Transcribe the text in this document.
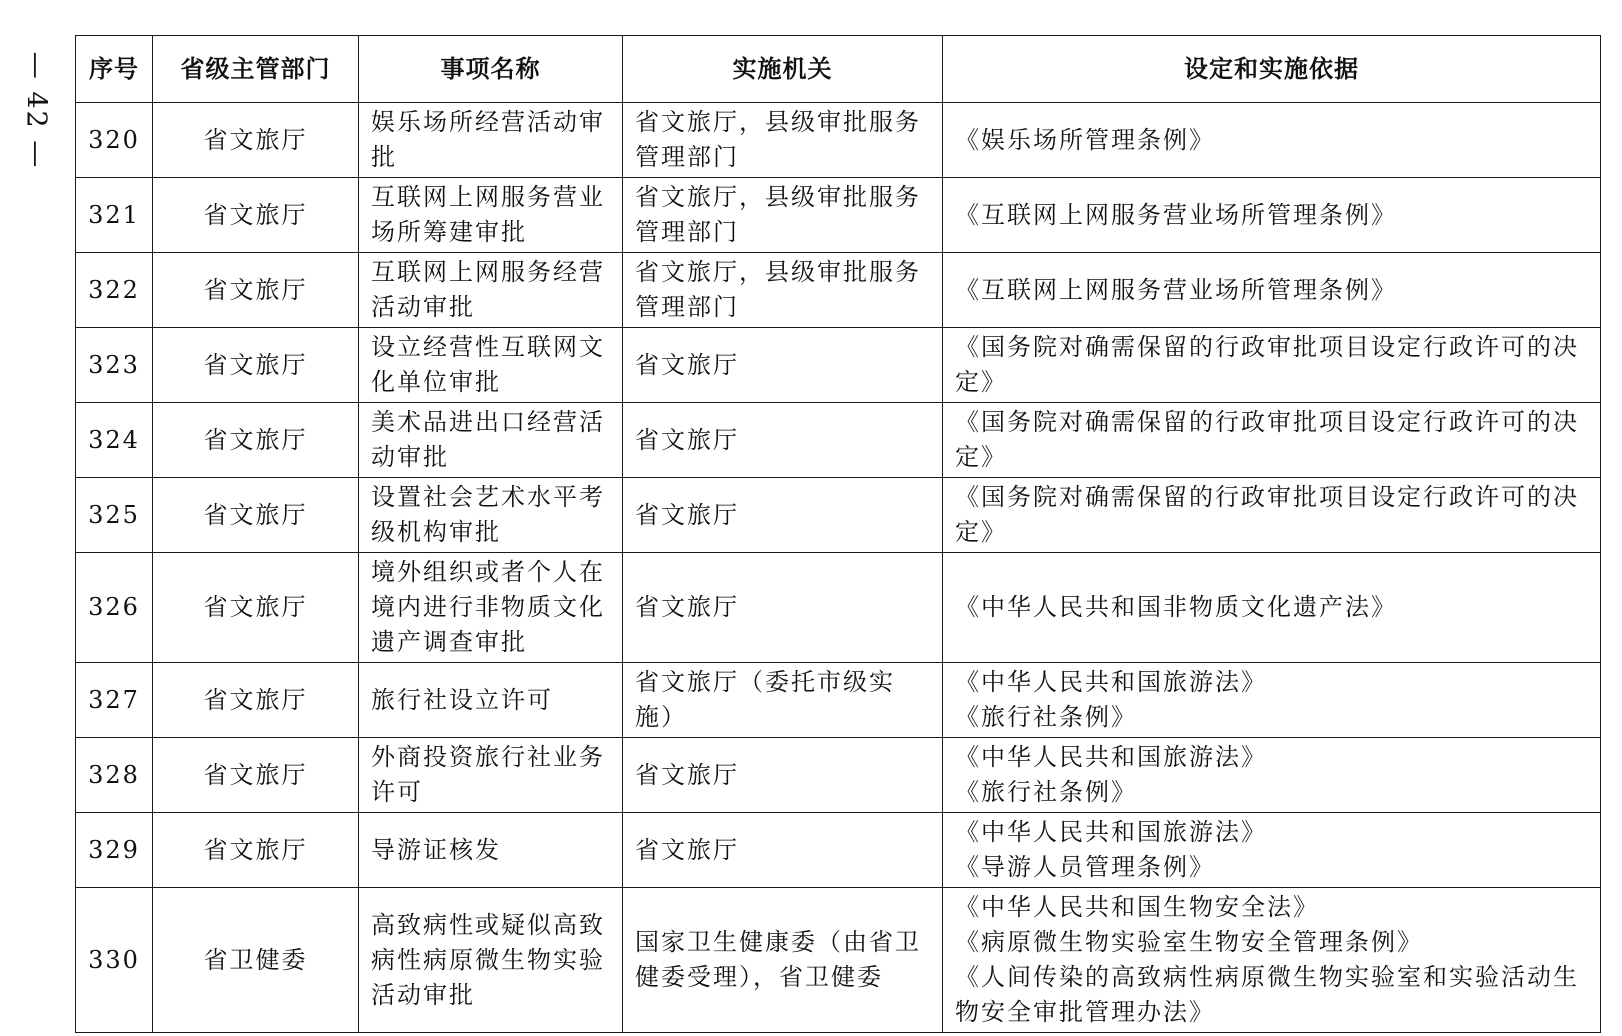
— 42 — 序号	省级主管部门	事项名称	实施机关	设定和实施依据
320	省文旅厅	娱乐场所经营活动审批	省文旅厅，县级审批服务管理部门	《娱乐场所管理条例》

321	省文旅厅	互联网上网服务营业场所筹建审批	省文旅厅，县级审批服务管理部门	《互联网上网服务营业场所管理条例》

322	省文旅厅	互联网上网服务经营活动审批	省文旅厅，县级审批服务管理部门	《互联网上网服务营业场所管理条例》

323	省文旅厅	设立经营性互联网文化单位审批	省文旅厅	《国务院对确需保留的行政审批项目设定行政许可的决定》

324	省文旅厅	美术品进出口经营活动审批	省文旅厅	《国务院对确需保留的行政审批项目设定行政许可的决定》

325	省文旅厅	设置社会艺术水平考级机构审批	省文旅厅	《国务院对确需保留的行政审批项目设定行政许可的决定》

326	省文旅厅	境外组织或者个人在境内进行非物质文化遗产调查审批	省文旅厅	《中华人民共和国非物质文化遗产法》

327	省文旅厅	旅行社设立许可	省文旅厅（委托市级实施）	《中华人民共和国旅游法》
《旅行社条例》

328	省文旅厅	外商投资旅行社业务许可	省文旅厅	《中华人民共和国旅游法》
《旅行社条例》

329	省文旅厅	导游证核发	省文旅厅	《中华人民共和国旅游法》
《导游人员管理条例》

330	省卫健委	高致病性或疑似高致病性病原微生物实验活动审批	国家卫生健康委（由省卫健委受理），省卫健委	《中华人民共和国生物安全法》
《病原微生物实验室生物安全管理条例》
《人间传染的高致病性病原微生物实验室和实验活动生物安全审批管理办法》
